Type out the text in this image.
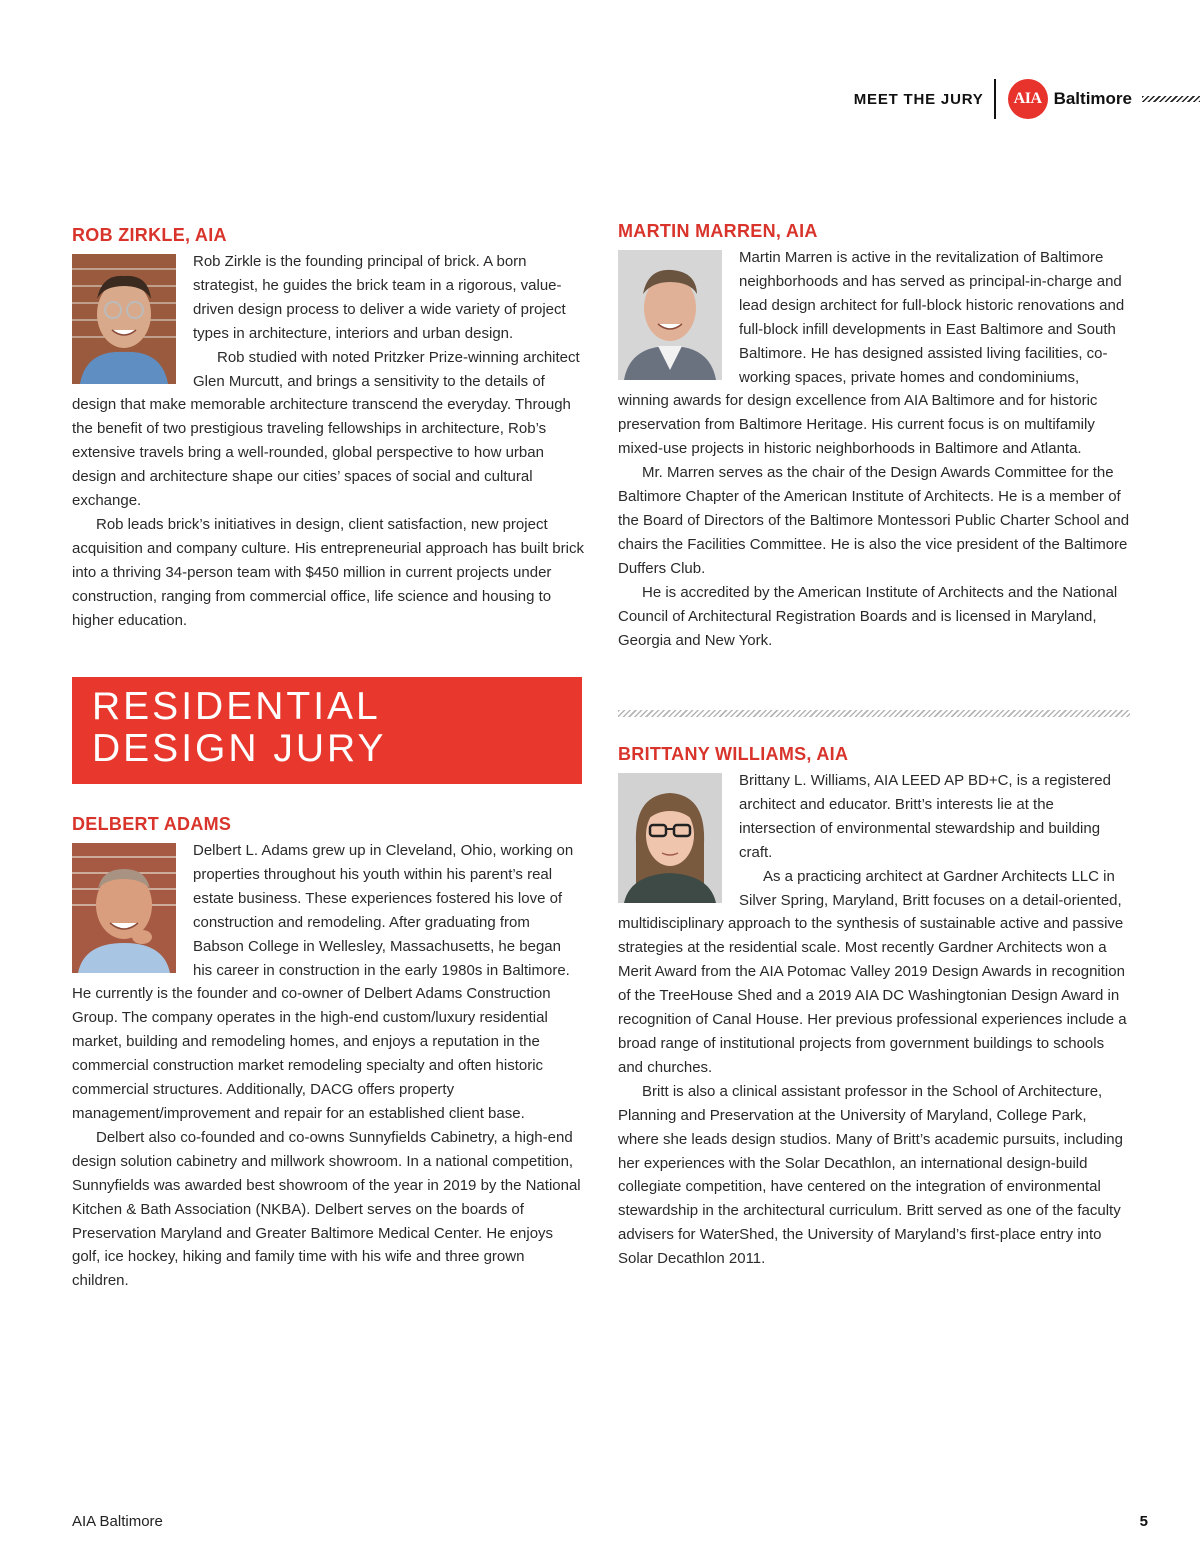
MEET THE JURY	AIA Baltimore
ROB ZIRKLE, AIA

Rob Zirkle is the founding principal of brick. A born strategist, he guides the brick team in a rigorous, value-driven design process to deliver a wide variety of project types in architecture, interiors and urban design.

Rob studied with noted Pritzker Prize-winning architect Glen Murcutt, and brings a sensitivity to the details of design that make memorable architecture transcend the everyday. Through the benefit of two prestigious traveling fellowships in architecture, Rob’s extensive travels bring a well-rounded, global perspective to how urban design and architecture shape our cities’ spaces of social and cultural exchange.

Rob leads brick’s initiatives in design, client satisfaction, new project acquisition and company culture. His entrepreneurial approach has built brick into a thriving 34-person team with $450 million in current projects under construction, ranging from commercial office, life science and housing to higher education.

RESIDENTIAL
DESIGN JURY
DELBERT ADAMS

Delbert L. Adams grew up in Cleveland, Ohio, working on properties throughout his youth within his parent’s real estate business. These experiences fostered his love of construction and remodeling. After graduating from Babson College in Wellesley, Massachusetts, he began his career in construction in the early 1980s in Baltimore. He currently is the founder and co-owner of Delbert Adams Construction Group. The company operates in the high-end custom/luxury residential market, building and remodeling homes, and enjoys a reputation in the commercial construction market remodeling specialty and often historic commercial structures. Additionally, DACG offers property management/improvement and repair for an established client base.

Delbert also co-founded and co-owns Sunnyfields Cabinetry, a high-end design solution cabinetry and millwork showroom. In a national competition, Sunnyfields was awarded best showroom of the year in 2019 by the National Kitchen & Bath Association (NKBA). Delbert serves on the boards of Preservation Maryland and Greater Baltimore Medical Center. He enjoys golf, ice hockey, hiking and family time with his wife and three grown children.

MARTIN MARREN, AIA

Martin Marren is active in the revitalization of Baltimore neighborhoods and has served as principal-in-charge and lead design architect for full-block historic renovations and full-block infill developments in East Baltimore and South Baltimore. He has designed assisted living facilities, co-working spaces, private homes and condominiums, winning awards for design excellence from AIA Baltimore and for historic preservation from Baltimore Heritage. His current focus is on multifamily mixed-use projects in historic neighborhoods in Baltimore and Atlanta.

Mr. Marren serves as the chair of the Design Awards Committee for the Baltimore Chapter of the American Institute of Architects. He is a member of the Board of Directors of the Baltimore Montessori Public Charter School and chairs the Facilities Committee. He is also the vice president of the Baltimore Duffers Club.

He is accredited by the American Institute of Architects and the National Council of Architectural Registration Boards and is licensed in Maryland, Georgia and New York.

BRITTANY WILLIAMS, AIA

Brittany L. Williams, AIA LEED AP BD+C, is a registered architect and educator. Britt’s interests lie at the intersection of environmental stewardship and building craft.

As a practicing architect at Gardner Architects LLC in Silver Spring, Maryland, Britt focuses on a detail-oriented, multidisciplinary approach to the synthesis of sustainable active and passive strategies at the residential scale. Most recently Gardner Architects won a Merit Award from the AIA Potomac Valley 2019 Design Awards in recognition of the TreeHouse Shed and a 2019 AIA DC Washingtonian Design Award in recognition of Canal House. Her previous professional experiences include a broad range of institutional projects from government buildings to schools and churches.

Britt is also a clinical assistant professor in the School of Architecture, Planning and Preservation at the University of Maryland, College Park, where she leads design studios. Many of Britt’s academic pursuits, including her experiences with the Solar Decathlon, an international design-build collegiate competition, have centered on the integration of environmental stewardship in the architectural curriculum. Britt served as one of the faculty advisers for WaterShed, the University of Maryland’s first-place entry into Solar Decathlon 2011.

AIA Baltimore	5
